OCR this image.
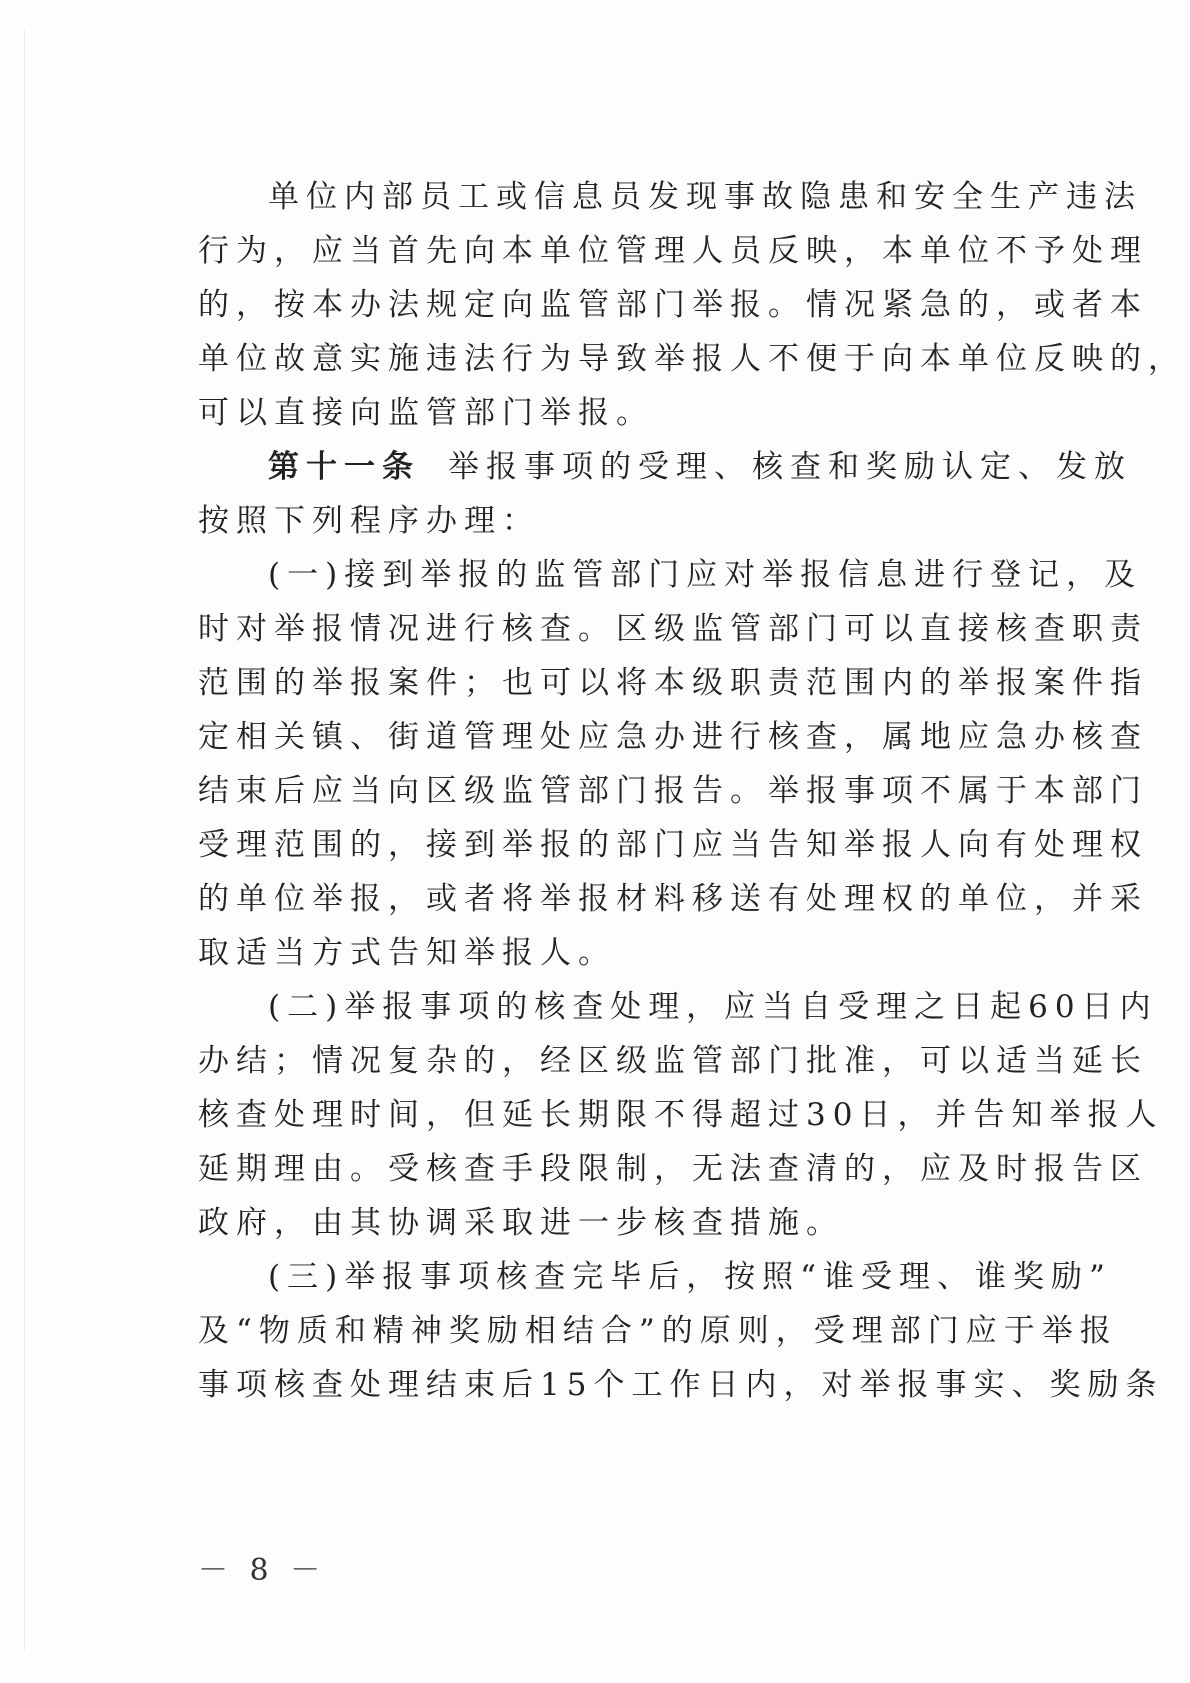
单位内部员工或信息员发现事故隐患和安全生产违法
行为，应当首先向本单位管理人员反映，本单位不予处理
的，按本办法规定向监管部门举报。情况紧急的，或者本
单位故意实施违法行为导致举报人不便于向本单位反映的，
可以直接向监管部门举报。
第十一条 举报事项的受理、核查和奖励认定、发放
按照下列程序办理：
(一)接到举报的监管部门应对举报信息进行登记，及
时对举报情况进行核查。区级监管部门可以直接核查职责
范围的举报案件；也可以将本级职责范围内的举报案件指
定相关镇、街道管理处应急办进行核查，属地应急办核查
结束后应当向区级监管部门报告。举报事项不属于本部门
受理范围的，接到举报的部门应当告知举报人向有处理权
的单位举报，或者将举报材料移送有处理权的单位，并采
取适当方式告知举报人。
(二)举报事项的核查处理，应当自受理之日起60日内
办结；情况复杂的，经区级监管部门批准，可以适当延长
核查处理时间，但延长期限不得超过30日，并告知举报人
延期理由。受核查手段限制，无法查清的，应及时报告区
政府，由其协调采取进一步核查措施。
(三)举报事项核查完毕后，按照“谁受理、谁奖励”
及“物质和精神奖励相结合”的原则，受理部门应于举报
事项核查处理结束后15个工作日内，对举报事实、奖励条
－ 8 －
